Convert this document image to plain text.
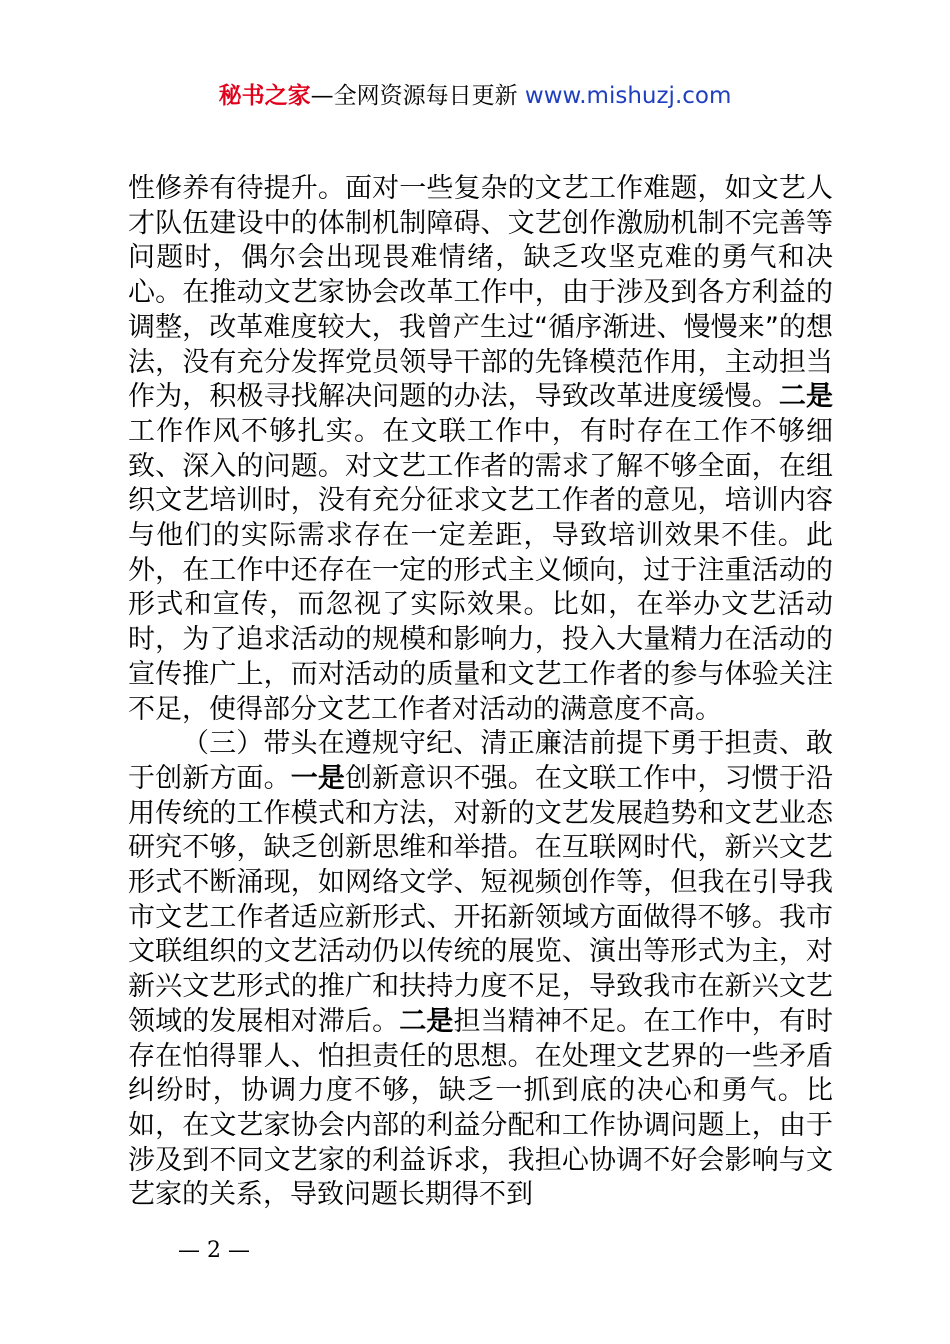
秘书之家—全网资源每日更新 www.mishuzj.com

性修养有待提升。面对一些复杂的文艺工作难题，如文艺人才队伍建设中的体制机制障碍、文艺创作激励机制不完善等问题时，偶尔会出现畏难情绪，缺乏攻坚克难的勇气和决心。在推动文艺家协会改革工作中，由于涉及到各方利益的调整，改革难度较大，我曾产生过“循序渐进、慢慢来”的想法，没有充分发挥党员领导干部的先锋模范作用，主动担当作为，积极寻找解决问题的办法，导致改革进度缓慢。二是工作作风不够扎实。在文联工作中，有时存在工作不够细致、深入的问题。对文艺工作者的需求了解不够全面，在组织文艺培训时，没有充分征求文艺工作者的意见，培训内容与他们的实际需求存在一定差距，导致培训效果不佳。此外，在工作中还存在一定的形式主义倾向，过于注重活动的形式和宣传，而忽视了实际效果。比如，在举办文艺活动时，为了追求活动的规模和影响力，投入大量精力在活动的宣传推广上，而对活动的质量和文艺工作者的参与体验关注不足，使得部分文艺工作者对活动的满意度不高。

（三）带头在遵规守纪、清正廉洁前提下勇于担责、敢于创新方面。一是创新意识不强。在文联工作中，习惯于沿用传统的工作模式和方法，对新的文艺发展趋势和文艺业态研究不够，缺乏创新思维和举措。在互联网时代，新兴文艺形式不断涌现，如网络文学、短视频创作等，但我在引导我市文艺工作者适应新形式、开拓新领域方面做得不够。我市文联组织的文艺活动仍以传统的展览、演出等形式为主，对新兴文艺形式的推广和扶持力度不足，导致我市在新兴文艺领域的发展相对滞后。二是担当精神不足。在工作中，有时存在怕得罪人、怕担责任的思想。在处理文艺界的一些矛盾纠纷时，协调力度不够，缺乏一抓到底的决心和勇气。比如，在文艺家协会内部的利益分配和工作协调问题上，由于涉及到不同文艺家的利益诉求，我担心协调不好会影响与文艺家的关系，导致问题长期得不到

— 2 —
